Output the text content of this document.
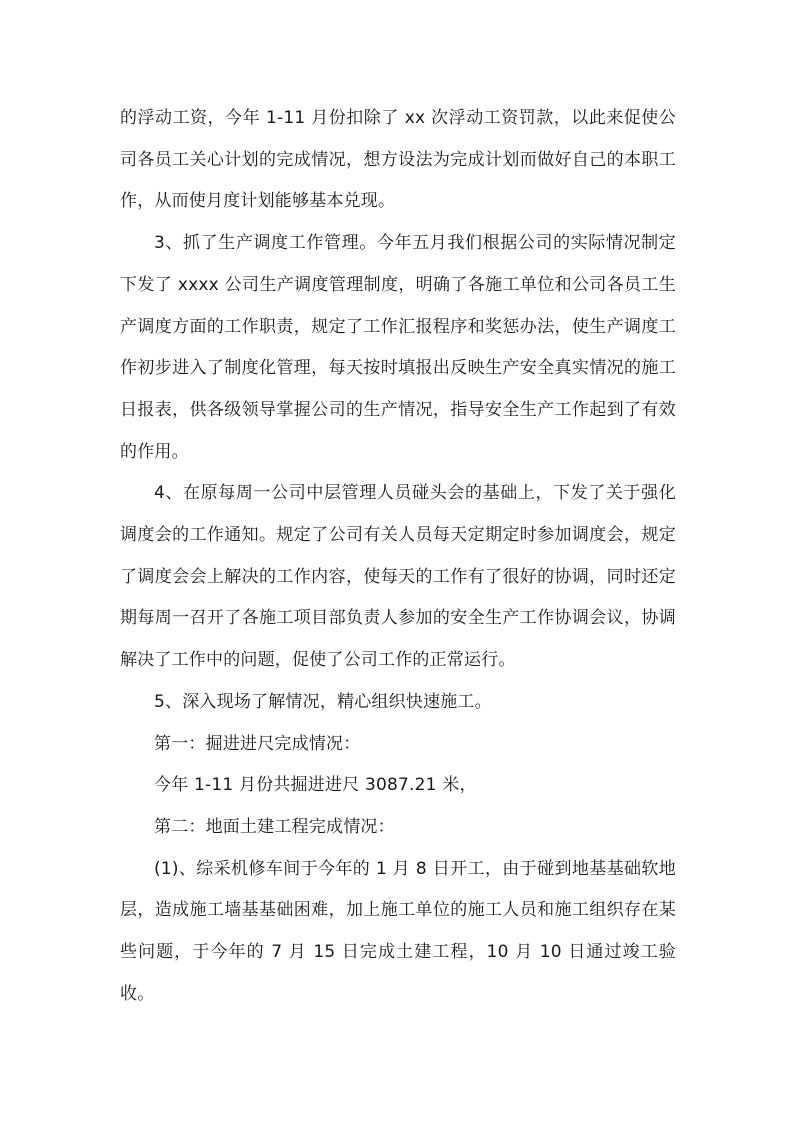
的浮动工资，今年 1-11 月份扣除了 xx 次浮动工资罚款，以此来促使公司各员工关心计划的完成情况，想方设法为完成计划而做好自己的本职工作，从而使月度计划能够基本兑现。

3、抓了生产调度工作管理。今年五月我们根据公司的实际情况制定下发了 xxxx 公司生产调度管理制度，明确了各施工单位和公司各员工生产调度方面的工作职责，规定了工作汇报程序和奖惩办法，使生产调度工作初步进入了制度化管理，每天按时填报出反映生产安全真实情况的施工日报表，供各级领导掌握公司的生产情况，指导安全生产工作起到了有效的作用。

4、在原每周一公司中层管理人员碰头会的基础上，下发了关于强化调度会的工作通知。规定了公司有关人员每天定期定时参加调度会，规定了调度会会上解决的工作内容，使每天的工作有了很好的协调，同时还定期每周一召开了各施工项目部负责人参加的安全生产工作协调会议，协调解决了工作中的问题，促使了公司工作的正常运行。

5、深入现场了解情况，精心组织快速施工。

第一：掘进进尺完成情况：

今年 1-11 月份共掘进进尺 3087.21 米，

第二：地面土建工程完成情况：

(1)、综采机修车间于今年的 1 月 8 日开工，由于碰到地基基础软地层，造成施工墙基基础困难，加上施工单位的施工人员和施工组织存在某些问题，于今年的 7 月 15 日完成土建工程，10 月 10 日通过竣工验收。
